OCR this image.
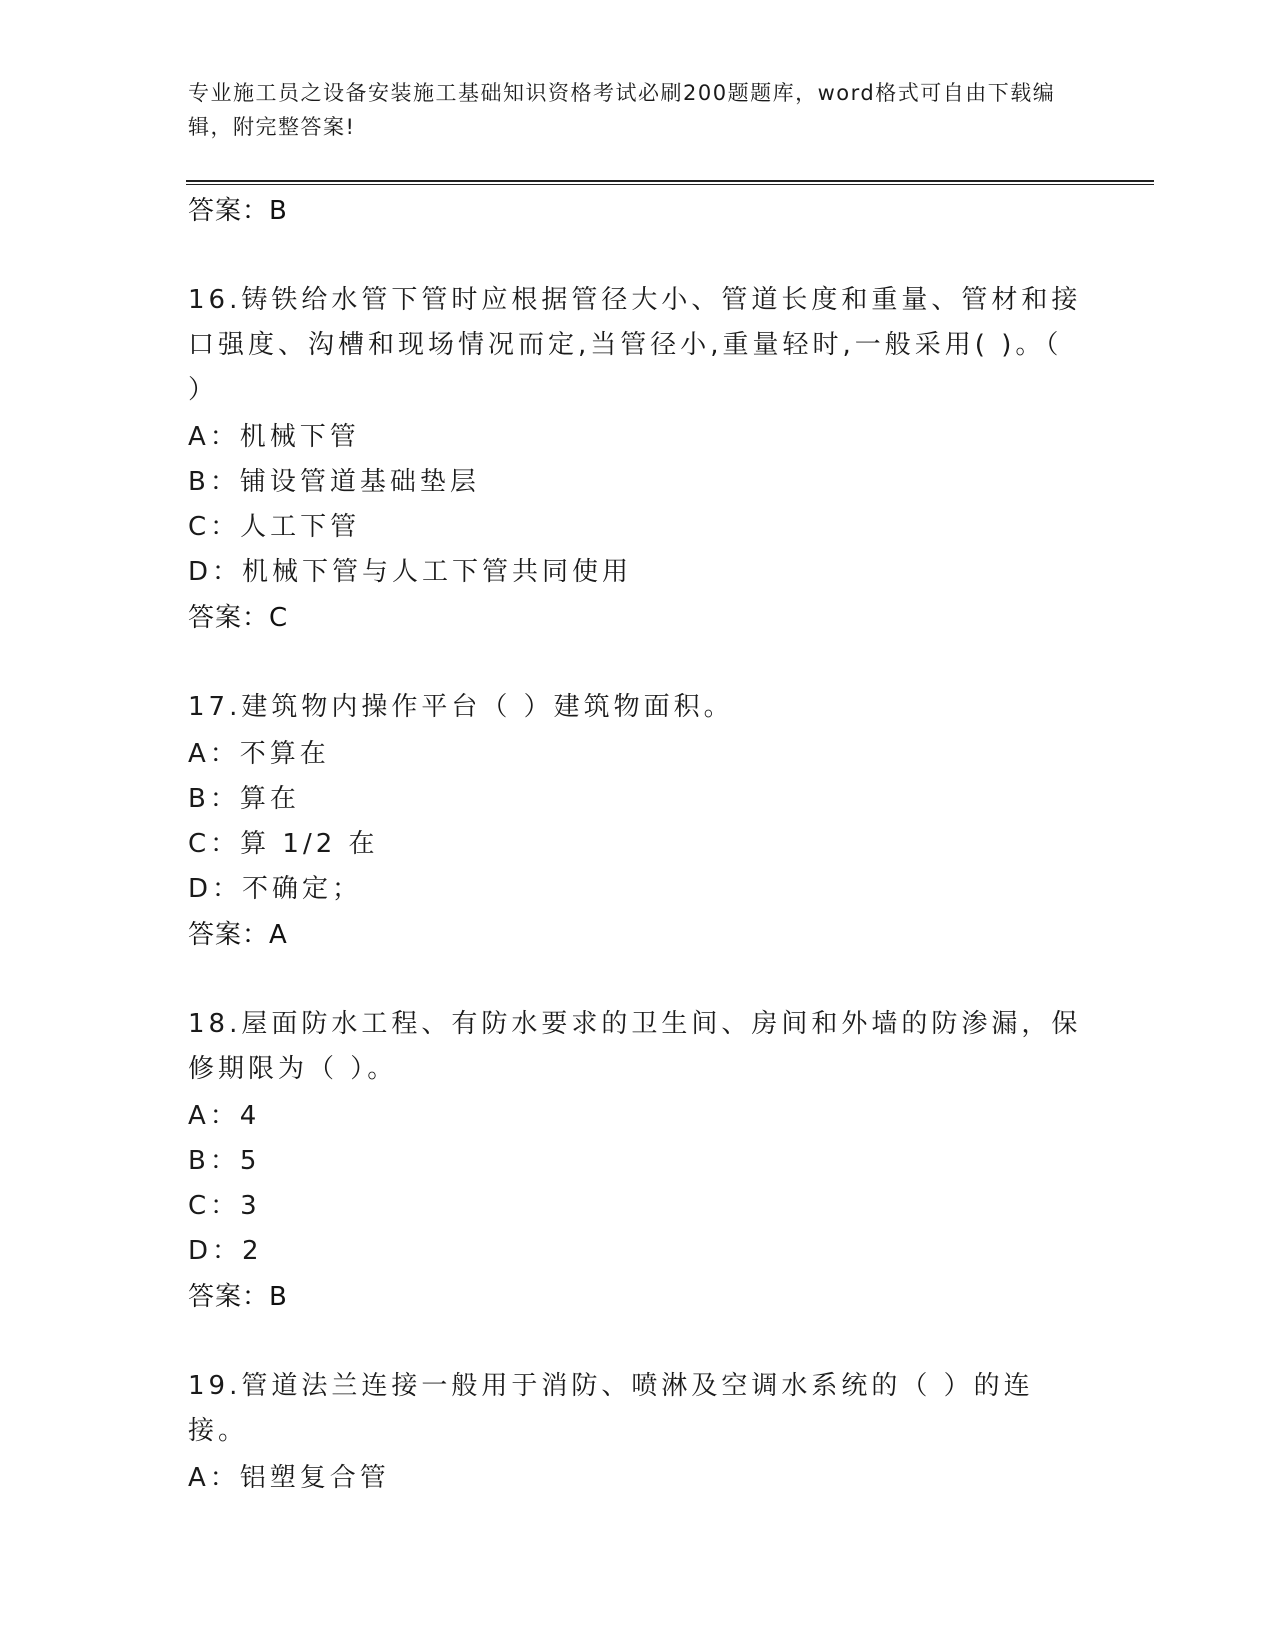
专业施工员之设备安装施工基础知识资格考试必刷200题题库，word格式可自由下载编辑，附完整答案!
答案：B
16.铸铁给水管下管时应根据管径大小、管道长度和重量、管材和接口强度、沟槽和现场情况而定,当管径小,重量轻时,一般采用( )。（ ）
A：机械下管
B：铺设管道基础垫层
C：人工下管
D：机械下管与人工下管共同使用
答案：C
17.建筑物内操作平台（ ）建筑物面积。
A：不算在
B：算在
C：算 1/2 在
D：不确定；
答案：A
18.屋面防水工程、有防水要求的卫生间、房间和外墙的防渗漏，保修期限为（ ）。
A：4
B：5
C：3
D：2
答案：B
19.管道法兰连接一般用于消防、喷淋及空调水系统的（ ）的连接。
A：铝塑复合管
